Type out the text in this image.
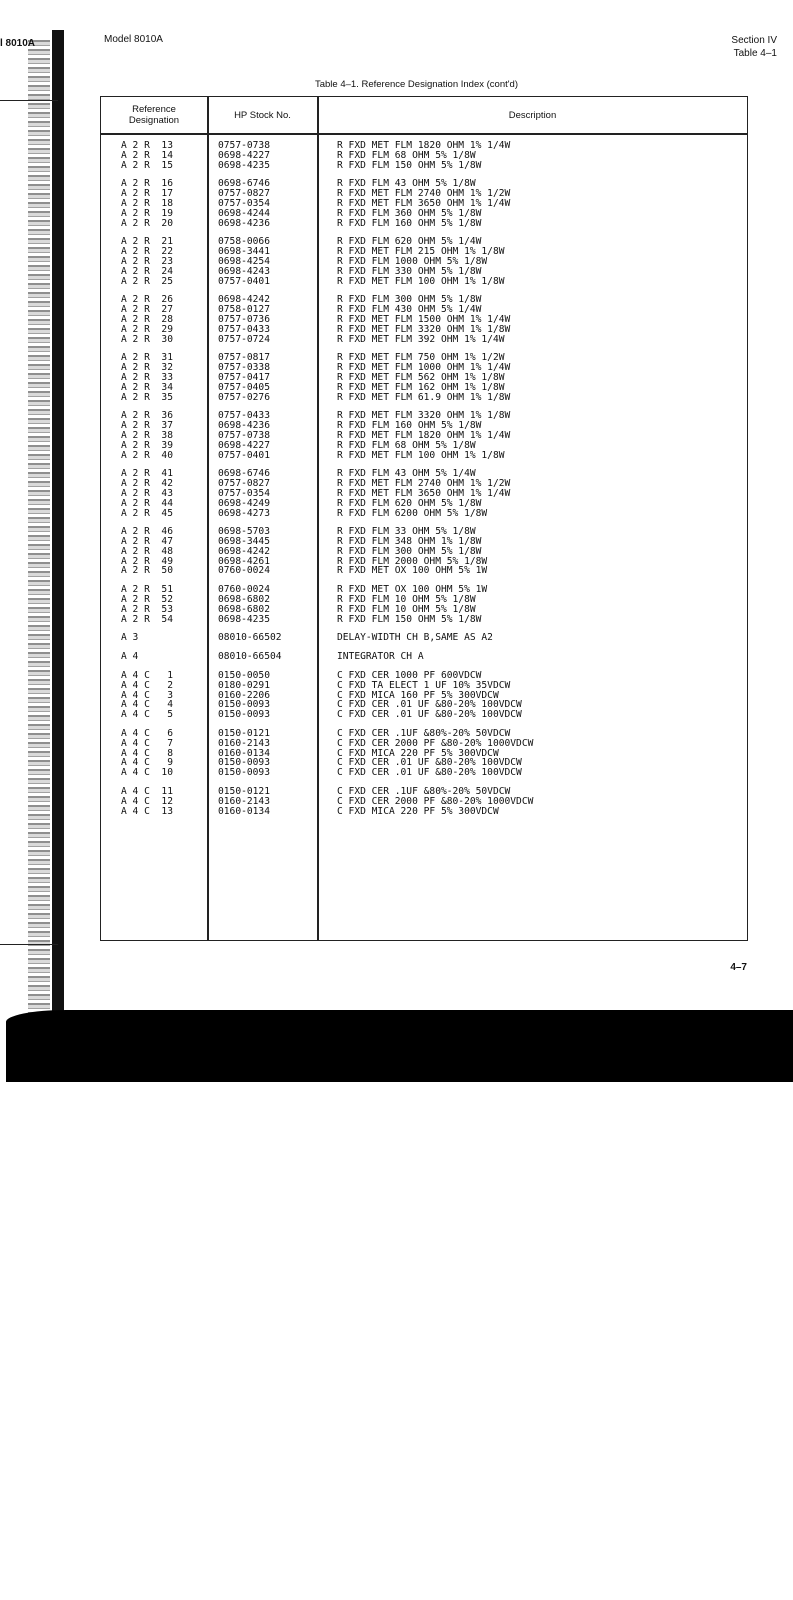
l 8010A	Model 8010A	Section IV
Table 4–1
Table 4–1. Reference Designation Index (cont'd)
Reference Designation	HP Stock No.	Description
A 2 R  13	0757-0738	R FXD MET FLM 1820 OHM 1% 1/4W
A 2 R  14	0698-4227	R FXD FLM 68 OHM 5% 1/8W
A 2 R  15	0698-4235	R FXD FLM 150 OHM 5% 1/8W
A 2 R  16	0698-6746	R FXD FLM 43 OHM 5% 1/8W
A 2 R  17	0757-0827	R FXD MET FLM 2740 OHM 1% 1/2W
A 2 R  18	0757-0354	R FXD MET FLM 3650 OHM 1% 1/4W
A 2 R  19	0698-4244	R FXD FLM 360 OHM 5% 1/8W
A 2 R  20	0698-4236	R FXD FLM 160 OHM 5% 1/8W
A 2 R  21	0758-0066	R FXD FLM 620 OHM 5% 1/4W
A 2 R  22	0698-3441	R FXD MET FLM 215 OHM 1% 1/8W
A 2 R  23	0698-4254	R FXD FLM 1000 OHM 5% 1/8W
A 2 R  24	0698-4243	R FXD FLM 330 OHM 5% 1/8W
A 2 R  25	0757-0401	R FXD MET FLM 100 OHM 1% 1/8W
A 2 R  26	0698-4242	R FXD FLM 300 OHM 5% 1/8W
A 2 R  27	0758-0127	R FXD FLM 430 OHM 5% 1/4W
A 2 R  28	0757-0736	R FXD MET FLM 1500 OHM 1% 1/4W
A 2 R  29	0757-0433	R FXD MET FLM 3320 OHM 1% 1/8W
A 2 R  30	0757-0724	R FXD MET FLM 392 OHM 1% 1/4W
A 2 R  31	0757-0817	R FXD MET FLM 750 OHM 1% 1/2W
A 2 R  32	0757-0338	R FXD MET FLM 1000 OHM 1% 1/4W
A 2 R  33	0757-0417	R FXD MET FLM 562 OHM 1% 1/8W
A 2 R  34	0757-0405	R FXD MET FLM 162 OHM 1% 1/8W
A 2 R  35	0757-0276	R FXD MET FLM 61.9 OHM 1% 1/8W
A 2 R  36	0757-0433	R FXD MET FLM 3320 OHM 1% 1/8W
A 2 R  37	0698-4236	R FXD FLM 160 OHM 5% 1/8W
A 2 R  38	0757-0738	R FXD MET FLM 1820 OHM 1% 1/4W
A 2 R  39	0698-4227	R FXD FLM 68 OHM 5% 1/8W
A 2 R  40	0757-0401	R FXD MET FLM 100 OHM 1% 1/8W
A 2 R  41	0698-6746	R FXD FLM 43 OHM 5% 1/4W
A 2 R  42	0757-0827	R FXD MET FLM 2740 OHM 1% 1/2W
A 2 R  43	0757-0354	R FXD MET FLM 3650 OHM 1% 1/4W
A 2 R  44	0698-4249	R FXD FLM 620 OHM 5% 1/8W
A 2 R  45	0698-4273	R FXD FLM 6200 OHM 5% 1/8W
A 2 R  46	0698-5703	R FXD FLM 33 OHM 5% 1/8W
A 2 R  47	0698-3445	R FXD FLM 348 OHM 1% 1/8W
A 2 R  48	0698-4242	R FXD FLM 300 OHM 5% 1/8W
A 2 R  49	0698-4261	R FXD FLM 2000 OHM 5% 1/8W
A 2 R  50	0760-0024	R FXD MET OX 100 OHM 5% 1W
A 2 R  51	0760-0024	R FXD MET OX 100 OHM 5% 1W
A 2 R  52	0698-6802	R FXD FLM 10 OHM 5% 1/8W
A 2 R  53	0698-6802	R FXD FLM 10 OHM 5% 1/8W
A 2 R  54	0698-4235	R FXD FLM 150 OHM 5% 1/8W
A 3	08010-66502	DELAY-WIDTH CH B,SAME AS A2
A 4	08010-66504	INTEGRATOR CH A
A 4 C   1	0150-0050	C FXD CER 1000 PF 600VDCW
A 4 C   2	0180-0291	C FXD TA ELECT 1 UF 10% 35VDCW
A 4 C   3	0160-2206	C FXD MICA 160 PF 5% 300VDCW
A 4 C   4	0150-0093	C FXD CER .01 UF &80-20% 100VDCW
A 4 C   5	0150-0093	C FXD CER .01 UF &80-20% 100VDCW
A 4 C   6	0150-0121	C FXD CER .1UF &80%-20% 50VDCW
A 4 C   7	0160-2143	C FXD CER 2000 PF &80-20% 1000VDCW
A 4 C   8	0160-0134	C FXD MICA 220 PF 5% 300VDCW
A 4 C   9	0150-0093	C FXD CER .01 UF &80-20% 100VDCW
A 4 C  10	0150-0093	C FXD CER .01 UF &80-20% 100VDCW
A 4 C  11	0150-0121	C FXD CER .1UF &80%-20% 50VDCW
A 4 C  12	0160-2143	C FXD CER 2000 PF &80-20% 1000VDCW
A 4 C  13	0160-0134	C FXD MICA 220 PF 5% 300VDCW
4–7
